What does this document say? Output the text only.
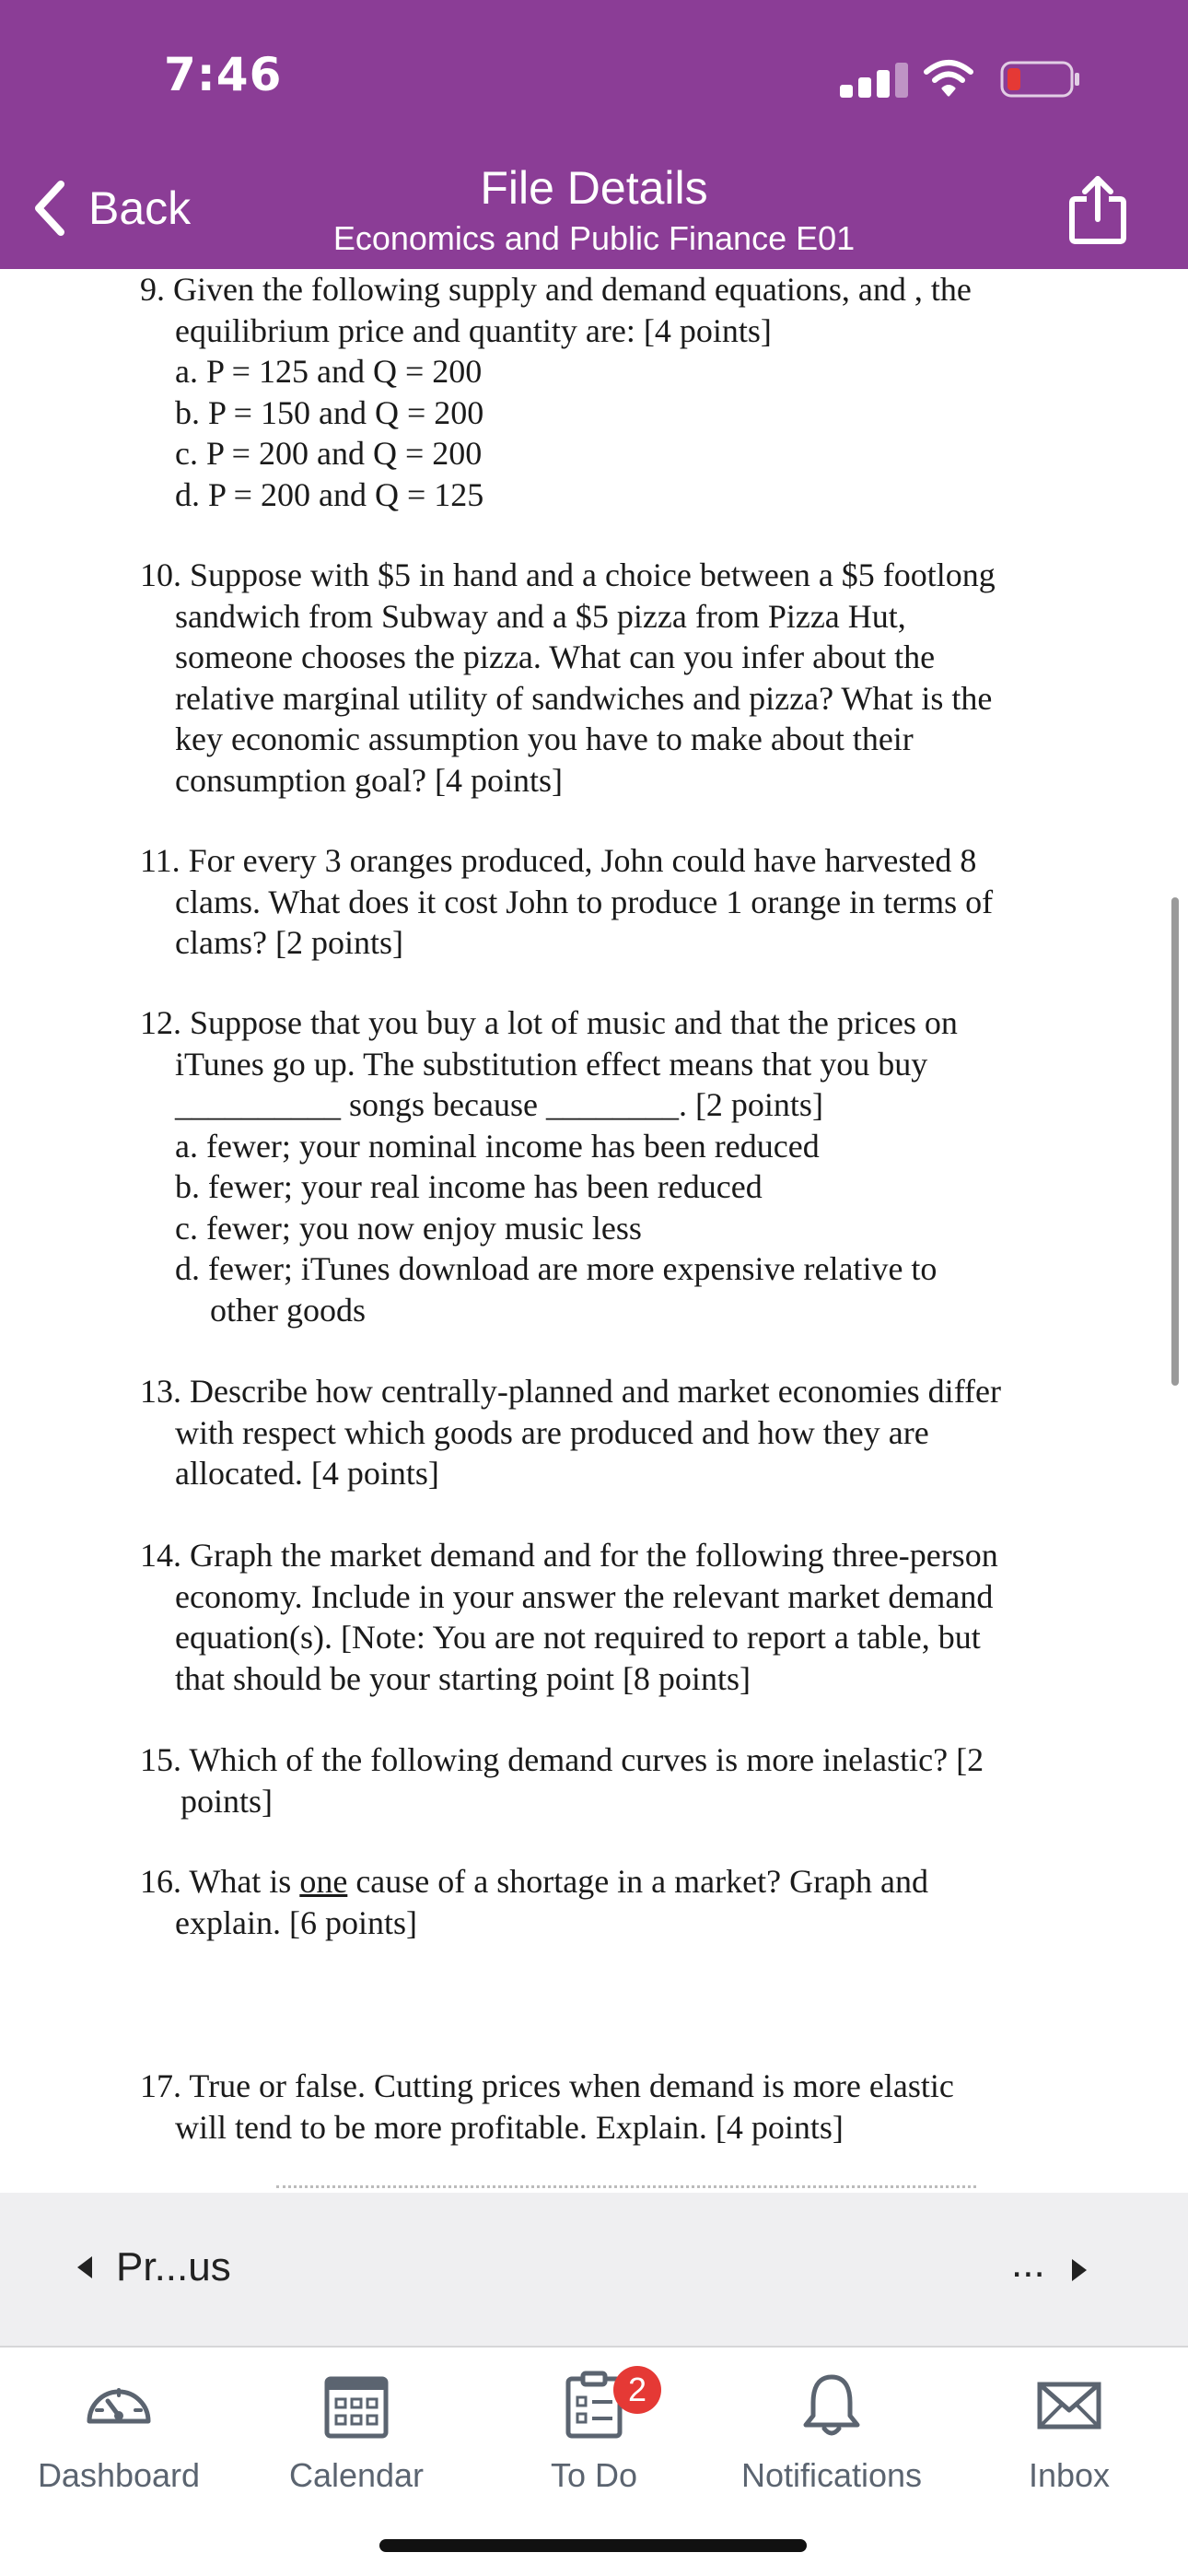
7:46
Back	File Details
Economics and Public Finance E01
9. Given the following supply and demand equations, and , the
equilibrium price and quantity are: [4 points]
a. P = 125 and Q = 200
b. P = 150 and Q = 200
c. P = 200 and Q = 200
d. P = 200 and Q = 125
10. Suppose with $5 in hand and a choice between a $5 footlong
sandwich from Subway and a $5 pizza from Pizza Hut,
someone chooses the pizza. What can you infer about the
relative marginal utility of sandwiches and pizza? What is the
key economic assumption you have to make about their
consumption goal? [4 points]
11. For every 3 oranges produced, John could have harvested 8
clams. What does it cost John to produce 1 orange in terms of
clams? [2 points]
12. Suppose that you buy a lot of music and that the prices on
iTunes go up. The substitution effect means that you buy
__________ songs because ________. [2 points]
a. fewer; your nominal income has been reduced
b. fewer; your real income has been reduced
c. fewer; you now enjoy music less
d. fewer; iTunes download are more expensive relative to
other goods
13. Describe how centrally-planned and market economies differ
with respect which goods are produced and how they are
allocated. [4 points]
14. Graph the market demand and for the following three-person
economy. Include in your answer the relevant market demand
equation(s). [Note: You are not required to report a table, but
that should be your starting point [8 points]
15. Which of the following demand curves is more inelastic? [2
points]
16. What is one cause of a shortage in a market? Graph and
explain. [6 points]
17. True or false. Cutting prices when demand is more elastic
will tend to be more profitable. Explain. [4 points]
Pr...us	...
Dashboard	Calendar
2
To Do	Notifications	Inbox
